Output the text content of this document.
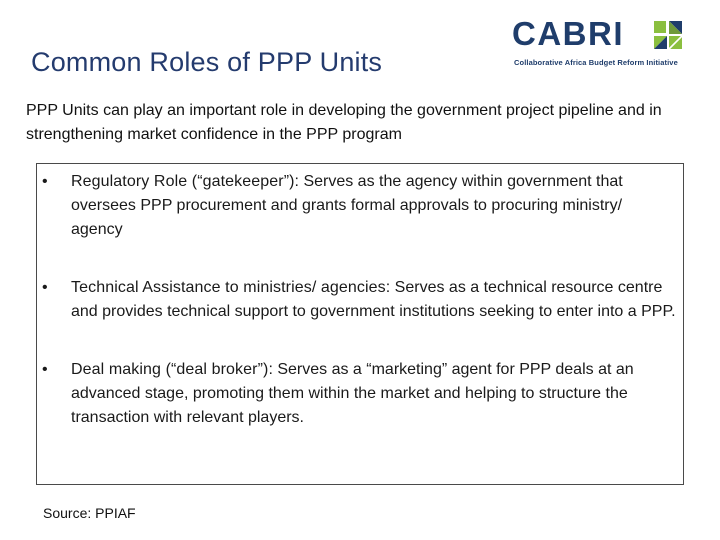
Common Roles of PPP Units
CABRI
Collaborative Africa Budget Reform Initiative
PPP Units can play an important role in developing the government project pipeline and in strengthening market confidence in the PPP program
• Regulatory Role (“gatekeeper”): Serves as the agency within government that oversees PPP procurement and grants formal approvals to procuring ministry/ agency
• Technical Assistance to ministries/ agencies: Serves as a technical resource centre and provides technical support to government institutions seeking to enter into a PPP.
• Deal making (“deal broker”): Serves as a “marketing” agent for PPP deals at an advanced stage, promoting them within the market and helping to structure the transaction with relevant players.
Source: PPIAF
